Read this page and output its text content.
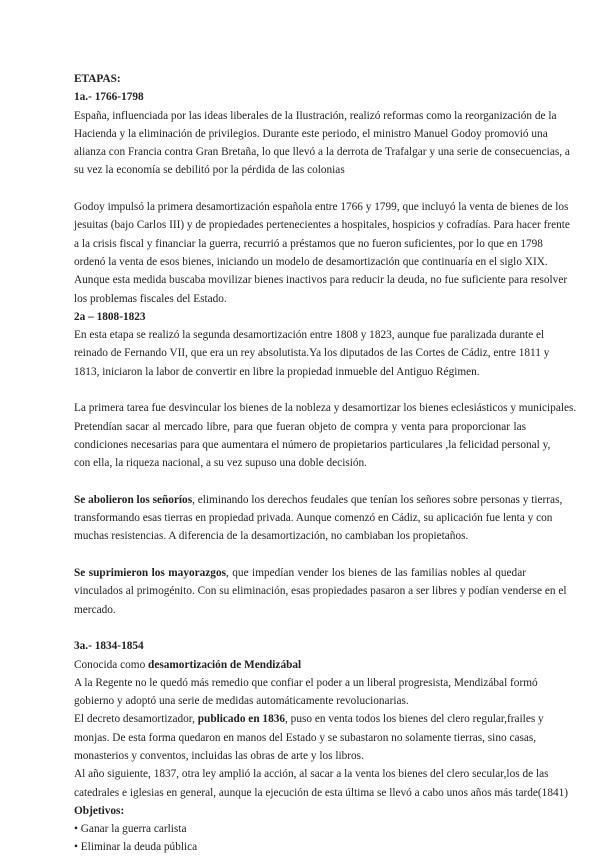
ETAPAS:
1a.- 1766-1798
España, influenciada por las ideas liberales de la Ilustración, realizó reformas como la reorganización de la
Hacienda y la eliminación de privilegios. Durante este periodo, el ministro Manuel Godoy promovió una
alianza con Francia contra Gran Bretaña, lo que llevó a la derrota de Trafalgar y una serie de consecuencias, a
su vez la economía se debilitó por la pérdida de las colonias
Godoy impulsó la primera desamortización española entre 1766 y 1799, que incluyó la venta de bienes de los
jesuitas (bajo Carlos III) y de propiedades pertenecientes a hospitales, hospicios y cofradías. Para hacer frente
a la crisis fiscal y financiar la guerra, recurrió a préstamos que no fueron suficientes, por lo que en 1798
ordenó la venta de esos bienes, iniciando un modelo de desamortización que continuaría en el siglo XIX.
Aunque esta medida buscaba movilizar bienes inactivos para reducir la deuda, no fue suficiente para resolver
los problemas fiscales del Estado.
2a – 1808-1823
En esta etapa se realizó la segunda desamortización entre 1808 y 1823, aunque fue paralizada durante el
reinado de Fernando VII, que era un rey absolutista.Ya los diputados de las Cortes de Cádiz, entre 1811 y
1813, iniciaron la labor de convertir en libre la propiedad inmueble del Antiguo Régimen.
La primera tarea fue desvincular los bienes de la nobleza y desamortizar los bienes eclesiásticos y municipales.
Pretendían sacar al mercado libre, para que fueran objeto de compra y venta para proporcionar las
condiciones necesarias para que aumentara el número de propietarios particulares ,la felicidad personal y,
con ella, la riqueza nacional, a su vez supuso una doble decisión.
Se abolieron los señoríos, eliminando los derechos feudales que tenían los señores sobre personas y tierras,
transformando esas tierras en propiedad privada. Aunque comenzó en Cádiz, su aplicación fue lenta y con
muchas resistencias. A diferencia de la desamortización, no cambiaban los propietaños.
Se suprimieron los mayorazgos, que impedían vender los bienes de las familias nobles al quedar
vinculados al primogénito. Con su eliminación, esas propiedades pasaron a ser libres y podían venderse en el
mercado.
3a.- 1834-1854
Conocida como desamortización de Mendizábal
A la Regente no le quedó más remedio que confiar el poder a un liberal progresista, Mendizábal formó
gobierno y adoptó una serie de medidas automáticamente revolucionarias.
El decreto desamortizador, publicado en 1836, puso en venta todos los bienes del clero regular,frailes y
monjas. De esta forma quedaron en manos del Estado y se subastaron no solamente tierras, sino casas,
monasterios y conventos, incluidas las obras de arte y los libros.
Al año siguiente, 1837, otra ley amplió la acción, al sacar a la venta los bienes del clero secular,los de las
catedrales e iglesias en general, aunque la ejecución de esta última se llevó a cabo unos años más tarde(1841)
Objetivos:
• Ganar la guerra carlista
• Eliminar la deuda pública
